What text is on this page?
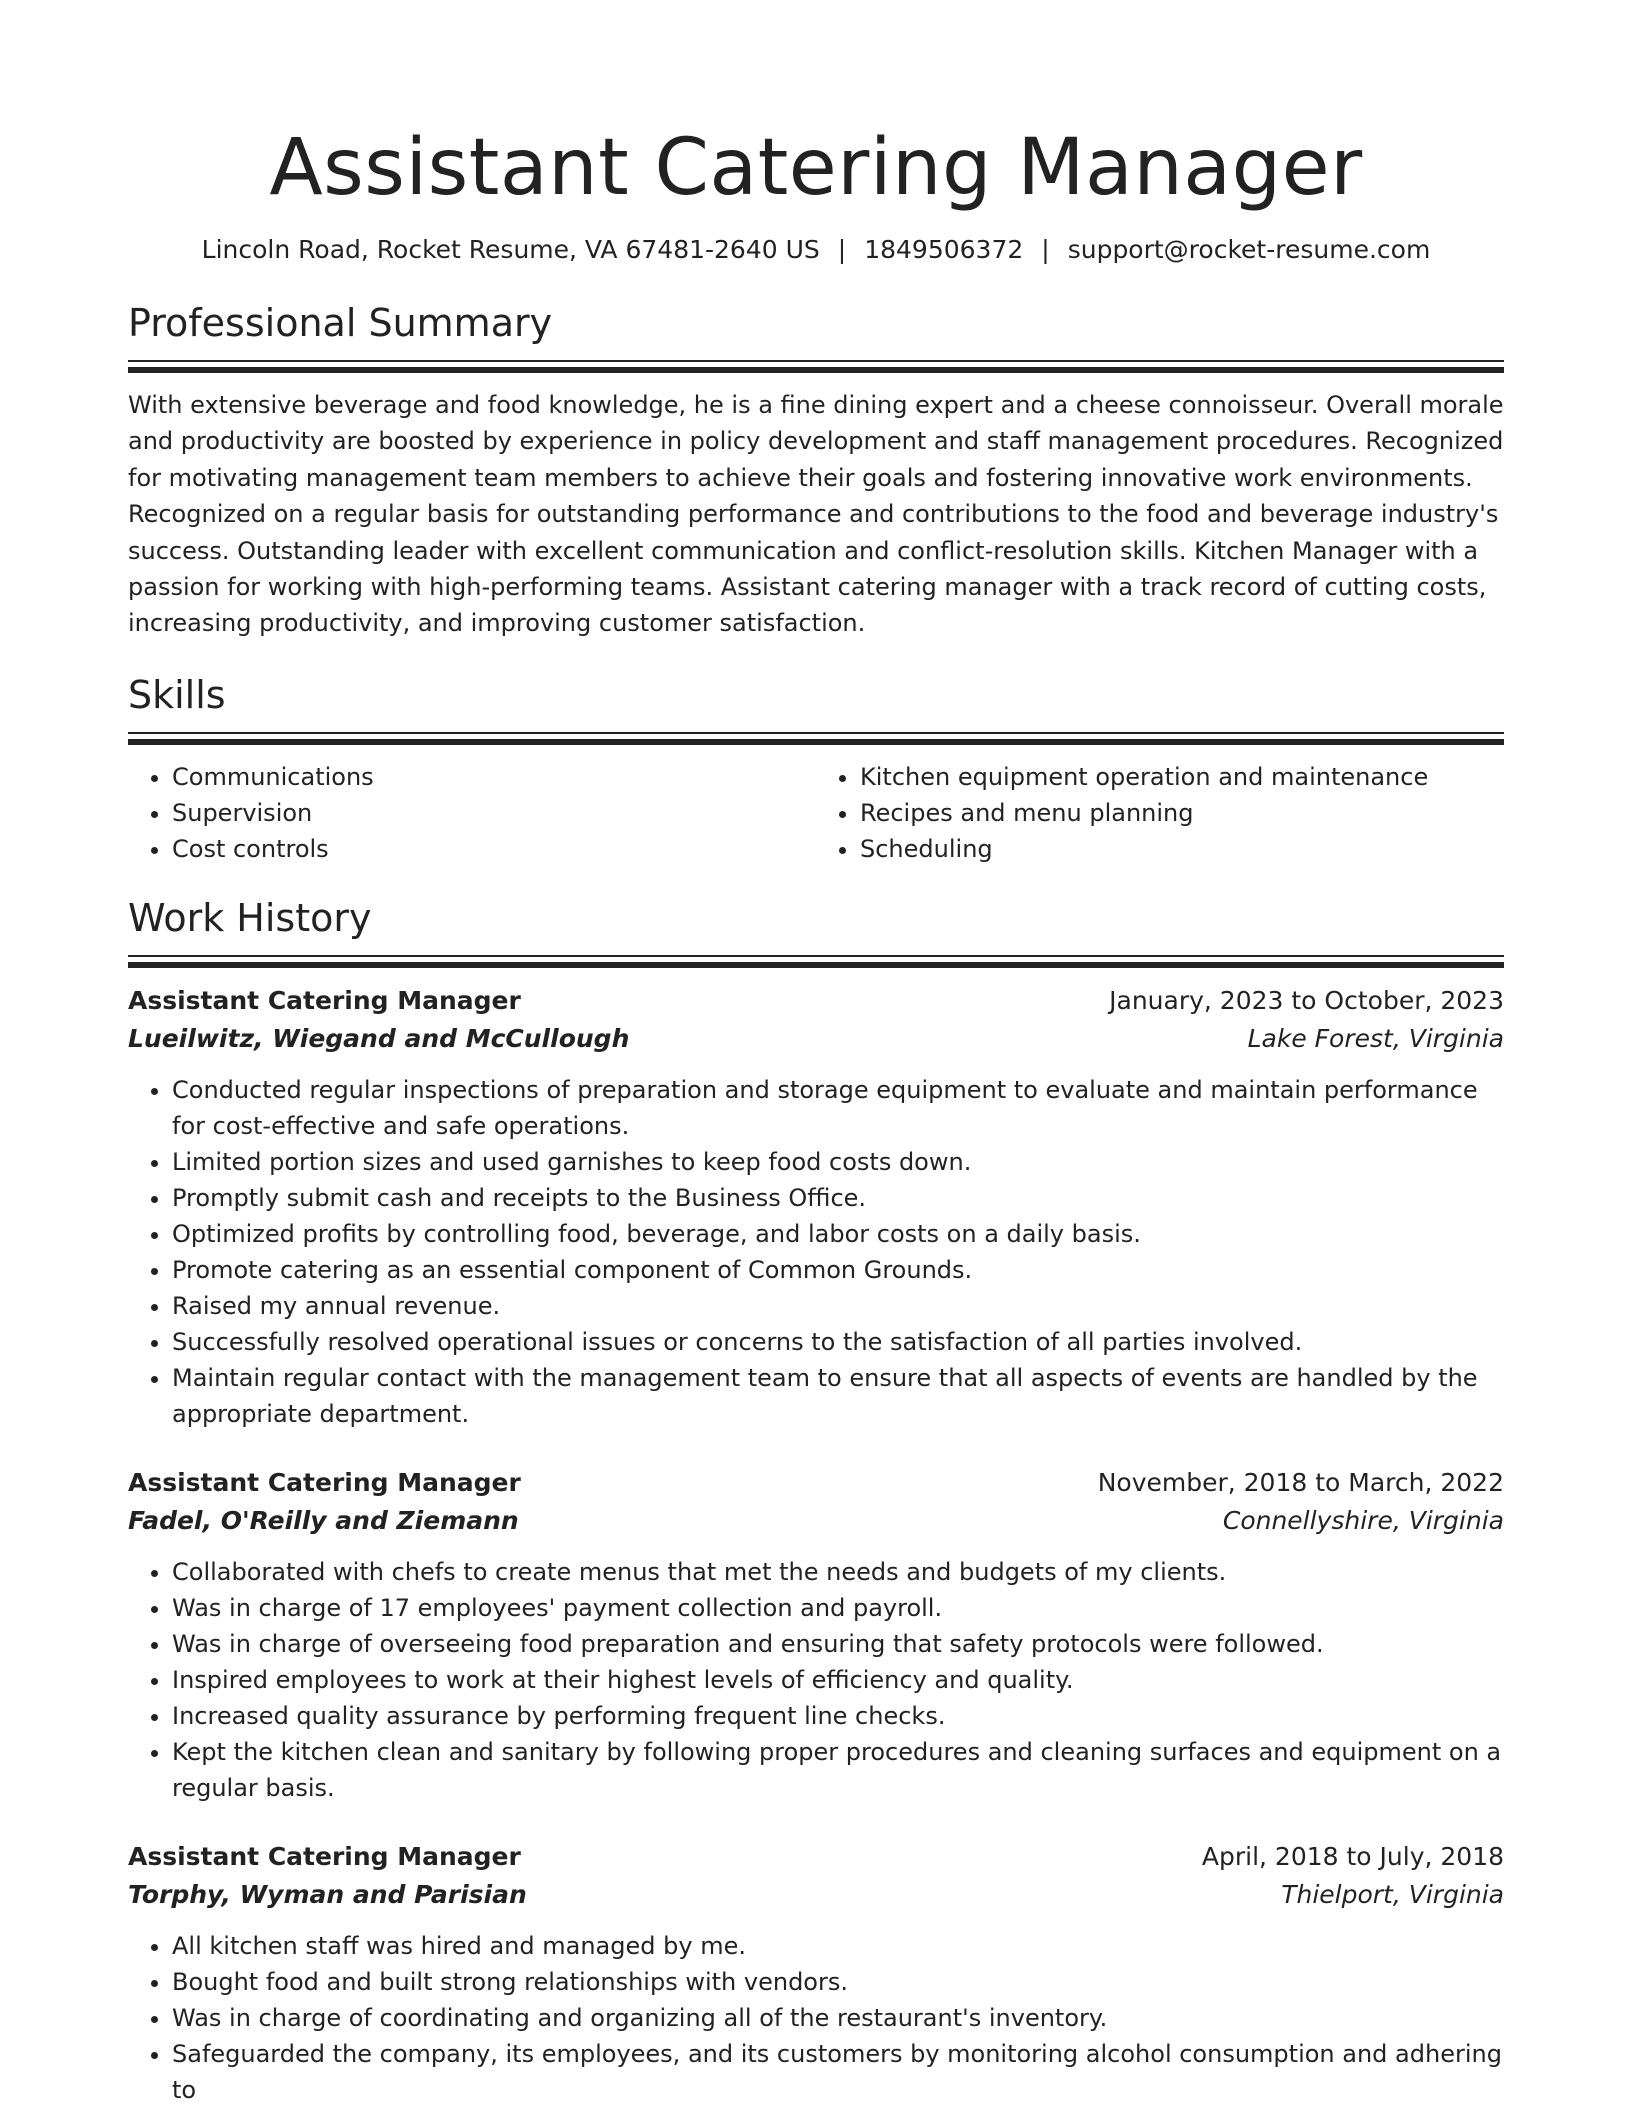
Assistant Catering Manager
Lincoln Road, Rocket Resume, VA 67481-2640 US | 1849506372 | support@rocket-resume.com
Professional Summary
With extensive beverage and food knowledge, he is a fine dining expert and a cheese connoisseur. Overall morale and productivity are boosted by experience in policy development and staff management procedures. Recognized for motivating management team members to achieve their goals and fostering innovative work environments. Recognized on a regular basis for outstanding performance and contributions to the food and beverage industry's success. Outstanding leader with excellent communication and conflict-resolution skills. Kitchen Manager with a passion for working with high-performing teams. Assistant catering manager with a track record of cutting costs, increasing productivity, and improving customer satisfaction.
Skills
• Communications
• Supervision
• Cost controls
• Kitchen equipment operation and maintenance
• Recipes and menu planning
• Scheduling
Work History
Assistant Catering Manager	January, 2023 to October, 2023
Lueilwitz, Wiegand and McCullough	Lake Forest, Virginia
• Conducted regular inspections of preparation and storage equipment to evaluate and maintain performance for cost-effective and safe operations.
• Limited portion sizes and used garnishes to keep food costs down.
• Promptly submit cash and receipts to the Business Office.
• Optimized profits by controlling food, beverage, and labor costs on a daily basis.
• Promote catering as an essential component of Common Grounds.
• Raised my annual revenue.
• Successfully resolved operational issues or concerns to the satisfaction of all parties involved.
• Maintain regular contact with the management team to ensure that all aspects of events are handled by the appropriate department.
Assistant Catering Manager	November, 2018 to March, 2022
Fadel, O'Reilly and Ziemann	Connellyshire, Virginia
• Collaborated with chefs to create menus that met the needs and budgets of my clients.
• Was in charge of 17 employees' payment collection and payroll.
• Was in charge of overseeing food preparation and ensuring that safety protocols were followed.
• Inspired employees to work at their highest levels of efficiency and quality.
• Increased quality assurance by performing frequent line checks.
• Kept the kitchen clean and sanitary by following proper procedures and cleaning surfaces and equipment on a regular basis.
Assistant Catering Manager	April, 2018 to July, 2018
Torphy, Wyman and Parisian	Thielport, Virginia
• All kitchen staff was hired and managed by me.
• Bought food and built strong relationships with vendors.
• Was in charge of coordinating and organizing all of the restaurant's inventory.
• Safeguarded the company, its employees, and its customers by monitoring alcohol consumption and adhering to
